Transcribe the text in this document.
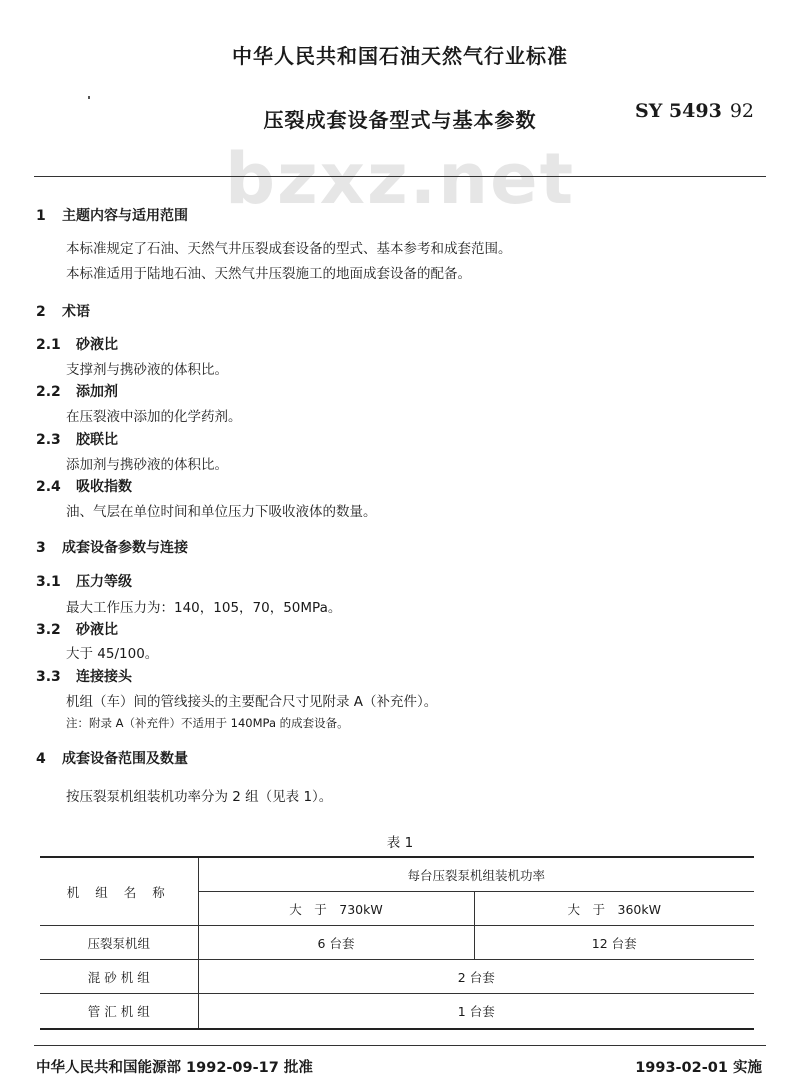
中华人民共和国石油天然气行业标准
压裂成套设备型式与基本参数	SY 5493 92
bzxz.net
1 主题内容与适用范围
本标准规定了石油、天然气井压裂成套设备的型式、基本参考和成套范围。
本标准适用于陆地石油、天然气井压裂施工的地面成套设备的配备。
2 术语
2.1 砂液比
支撑剂与携砂液的体积比。
2.2 添加剂
在压裂液中添加的化学药剂。
2.3 胶联比
添加剂与携砂液的体积比。
2.4 吸收指数
油、气层在单位时间和单位压力下吸收液体的数量。
3 成套设备参数与连接
3.1 压力等级
最大工作压力为：140，105，70，50MPa。
3.2 砂液比
大于 45/100。
3.3 连接接头
机组（车）间的管线接头的主要配合尺寸见附录 A（补充件）。
注：附录 A（补充件）不适用于 140MPa 的成套设备。
4 成套设备范围及数量
按压裂泵机组装机功率分为 2 组（见表 1）。
表 1
机 组 名 称	每台压裂泵机组装机功率	
	大　于　730kW	大　于　360kW
压裂泵机组	6 台套	12 台套
混 砂 机 组	2 台套	
管 汇 机 组	1 台套	
中华人民共和国能源部 1992-09-17 批准	1993-02-01 实施
